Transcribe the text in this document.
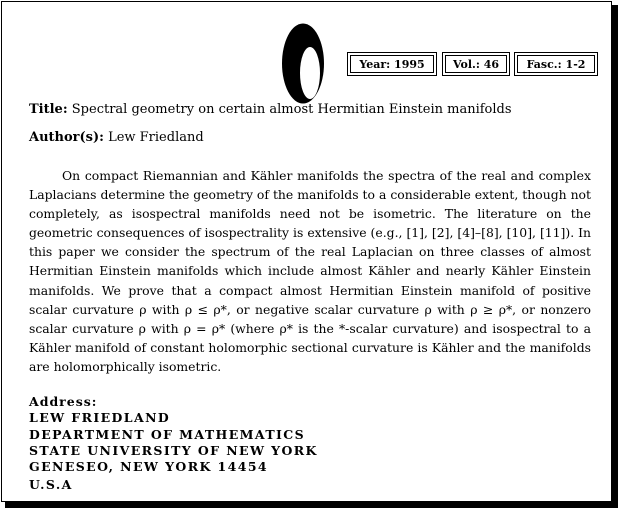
Year: 1995	Vol.: 46	Fasc.: 1-2
Title: Spectral geometry on certain almost Hermitian Einstein manifolds
Author(s): Lew Friedland

On compact Riemannian and Kähler manifolds the spectra of the real and complex Laplacians determine the geometry of the manifolds to a considerable extent, though not completely, as isospectral manifolds need not be isometric. The literature on the geometric consequences of isospectrality is extensive (e.g., [1], [2], [4]–[8], [10], [11]). In this paper we consider the spectrum of the real Laplacian on three classes of almost Hermitian Einstein manifolds which include almost Kähler and nearly Kähler Einstein manifolds. We prove that a compact almost Hermitian Einstein manifold of positive scalar curvature ρ with ρ ≤ ρ*, or negative scalar curvature ρ with ρ ≥ ρ*, or nonzero scalar curvature ρ with ρ = ρ* (where ρ* is the *-scalar curvature) and isospectral to a Kähler manifold of constant holomorphic sectional curvature is Kähler and the manifolds are holomorphically isometric.

Address:
LEW FRIEDLAND
DEPARTMENT OF MATHEMATICS
STATE UNIVERSITY OF NEW YORK
GENESEO, NEW YORK 14454
U.S.A
